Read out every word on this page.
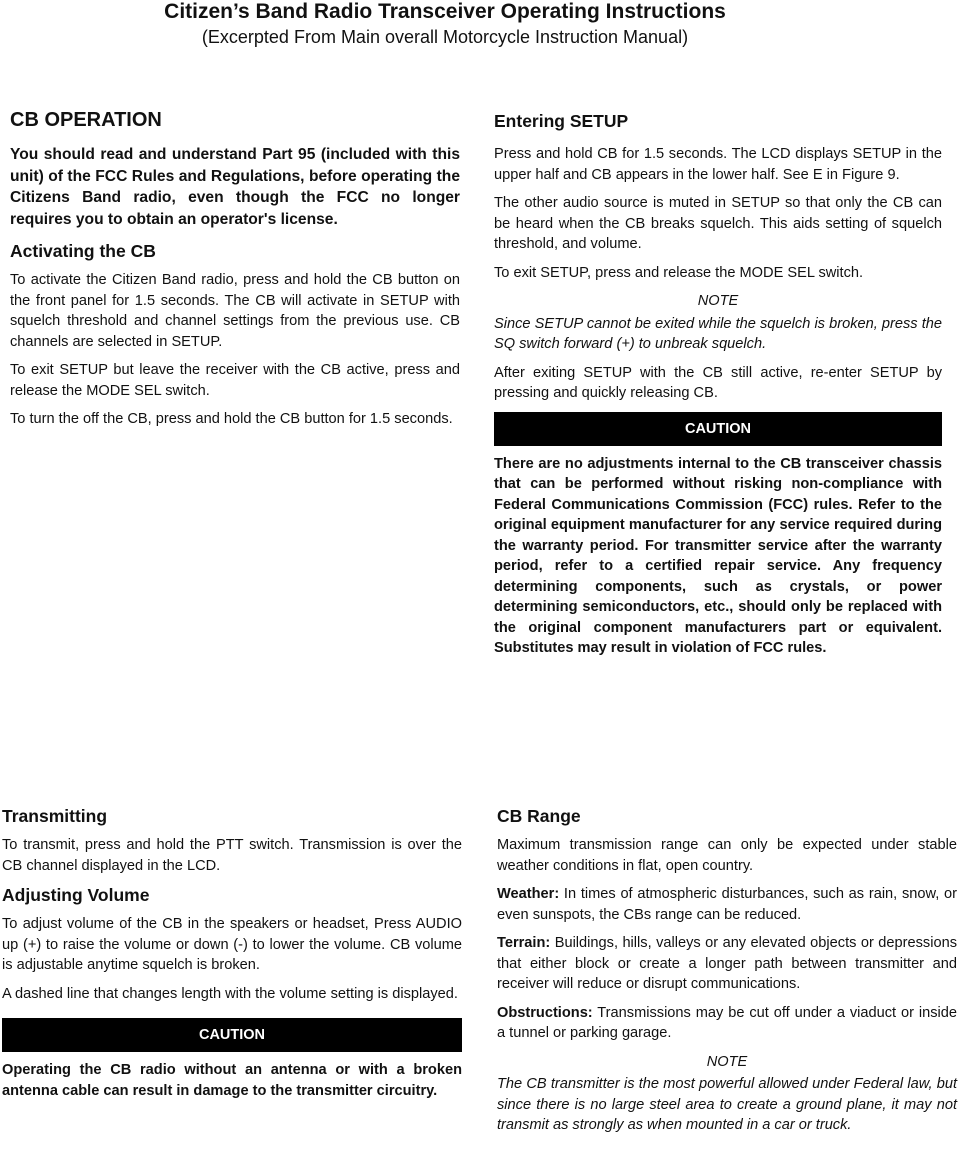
Citizen’s Band Radio Transceiver Operating Instructions
(Excerpted From Main overall Motorcycle Instruction Manual)
CB OPERATION

You should read and understand Part 95 (included with this unit) of the FCC Rules and Regulations, before operating the Citizens Band radio, even though the FCC no longer requires you to obtain an operator's license.

Activating the CB

To activate the Citizen Band radio, press and hold the CB button on the front panel for 1.5 seconds. The CB will activate in SETUP with squelch threshold and channel settings from the previous use. CB channels are selected in SETUP.

To exit SETUP but leave the receiver with the CB active, press and release the MODE SEL switch.

To turn the off the CB, press and hold the CB button for 1.5 seconds.

Entering SETUP

Press and hold CB for 1.5 seconds. The LCD displays SETUP in the upper half and CB appears in the lower half. See E in Figure 9.

The other audio source is muted in SETUP so that only the CB can be heard when the CB breaks squelch. This aids setting of squelch threshold, and volume.

To exit SETUP, press and release the MODE SEL switch.

NOTE

Since SETUP cannot be exited while the squelch is broken, press the SQ switch forward (+) to unbreak squelch.

After exiting SETUP with the CB still active, re-enter SETUP by pressing and quickly releasing CB.

CAUTION

There are no adjustments internal to the CB transceiver chassis that can be performed without risking non-compliance with Federal Communications Commission (FCC) rules. Refer to the original equipment manufacturer for any service required during the warranty period. For transmitter service after the warranty period, refer to a certified repair service. Any frequency determining components, such as crystals, or power determining semiconductors, etc., should only be replaced with the original component manufacturers part or equivalent. Substitutes may result in violation of FCC rules.

Transmitting

To transmit, press and hold the PTT switch. Transmission is over the CB channel displayed in the LCD.

Adjusting Volume

To adjust volume of the CB in the speakers or headset, Press AUDIO up (+) to raise the volume or down (-) to lower the volume. CB volume is adjustable anytime squelch is broken.

A dashed line that changes length with the volume setting is displayed.

CAUTION

Operating the CB radio without an antenna or with a broken antenna cable can result in damage to the transmitter circuitry.

CB Range

Maximum transmission range can only be expected under stable weather conditions in flat, open country.

Weather: In times of atmospheric disturbances, such as rain, snow, or even sunspots, the CBs range can be reduced.

Terrain: Buildings, hills, valleys or any elevated objects or depressions that either block or create a longer path between transmitter and receiver will reduce or disrupt communications.

Obstructions: Transmissions may be cut off under a viaduct or inside a tunnel or parking garage.

NOTE

The CB transmitter is the most powerful allowed under Federal law, but since there is no large steel area to create a ground plane, it may not transmit as strongly as when mounted in a car or truck.
